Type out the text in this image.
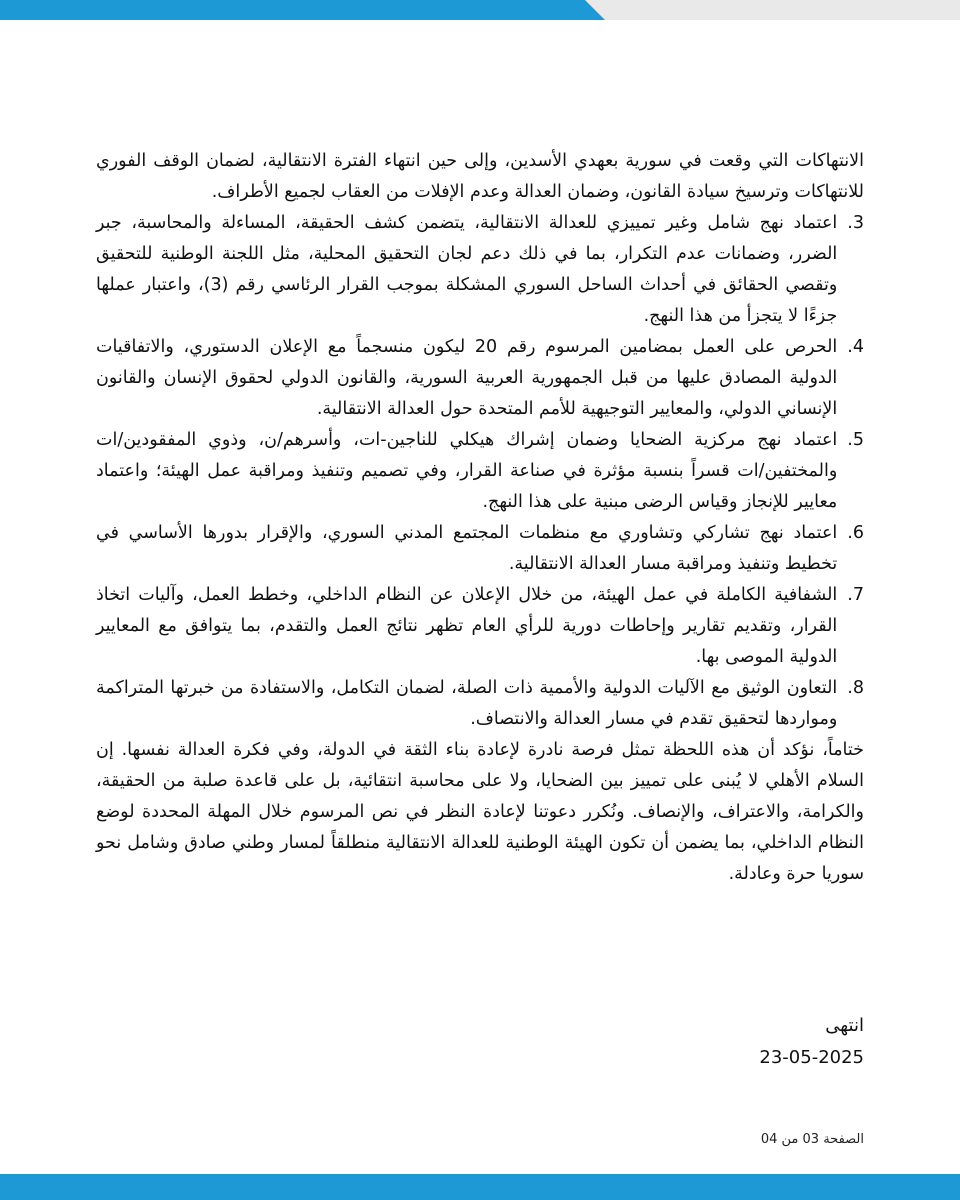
الانتهاكات التي وقعت في سورية بعهدي الأسدين، وإلى حين انتهاء الفترة الانتقالية، لضمان الوقف الفوري للانتهاكات وترسيخ سيادة القانون، وضمان العدالة وعدم الإفلات من العقاب لجميع الأطراف.

3.
اعتماد نهج شامل وغير تمييزي للعدالة الانتقالية، يتضمن كشف الحقيقة، المساءلة والمحاسبة، جبر الضرر، وضمانات عدم التكرار، بما في ذلك دعم لجان التحقيق المحلية، مثل اللجنة الوطنية للتحقيق وتقصي الحقائق في أحداث الساحل السوري المشكلة بموجب القرار الرئاسي رقم (3)، واعتبار عملها جزءًا لا يتجزأ من هذا النهج.
4.
الحرص على العمل بمضامين المرسوم رقم 20 ليكون منسجماً مع الإعلان الدستوري، والاتفاقيات الدولية المصادق عليها من قبل الجمهورية العربية السورية، والقانون الدولي لحقوق الإنسان والقانون الإنساني الدولي، والمعايير التوجيهية للأمم المتحدة حول العدالة الانتقالية.
5.
اعتماد نهج مركزية الضحايا وضمان إشراك هيكلي للناجين-ات، وأسرهم/ن، وذوي المفقودين/ات والمختفين/ات قسراً بنسبة مؤثرة في صناعة القرار، وفي تصميم وتنفيذ ومراقبة عمل الهيئة؛ واعتماد معايير للإنجاز وقياس الرضى مبنية على هذا النهج.
6.
اعتماد نهج تشاركي وتشاوري مع منظمات المجتمع المدني السوري، والإقرار بدورها الأساسي في تخطيط وتنفيذ ومراقبة مسار العدالة الانتقالية.
7.
الشفافية الكاملة في عمل الهيئة، من خلال الإعلان عن النظام الداخلي، وخطط العمل، وآليات اتخاذ القرار، وتقديم تقارير وإحاطات دورية للرأي العام تظهر نتائج العمل والتقدم، بما يتوافق مع المعايير الدولية الموصى بها.
8.
التعاون الوثيق مع الآليات الدولية والأممية ذات الصلة، لضمان التكامل، والاستفادة من خبرتها المتراكمة ومواردها لتحقيق تقدم في مسار العدالة والانتصاف.

ختاماً، نؤكد أن هذه اللحظة تمثل فرصة نادرة لإعادة بناء الثقة في الدولة، وفي فكرة العدالة نفسها. إن السلام الأهلي لا يُبنى على تمييز بين الضحايا، ولا على محاسبة انتقائية، بل على قاعدة صلبة من الحقيقة، والكرامة، والاعتراف، والإنصاف. ونُكرر دعوتنا لإعادة النظر في نص المرسوم خلال المهلة المحددة لوضع النظام الداخلي، بما يضمن أن تكون الهيئة الوطنية للعدالة الانتقالية منطلقاً لمسار وطني صادق وشامل نحو سوريا حرة وعادلة.

انتهى
23-05-2025
الصفحة 03 من 04
